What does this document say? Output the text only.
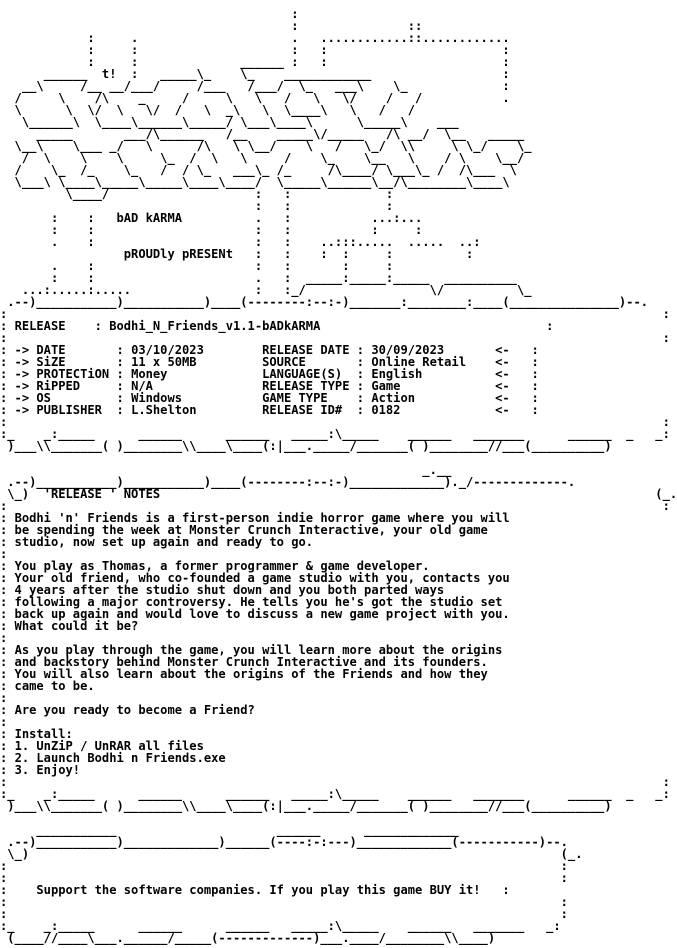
:
:               ::
:     .                     .   ............::............
:     :                     :   :                        :
:     :              ______ :   :                        :
______  t!  :   _____\_    \_    ____________                  :
__\     /__ __/___/     /___   /___/  \_   ___\    \_             :
/     \    /\    _     /     \   \   /   \   \/    /   /           .
\      \  \/  \   \/  /   \  _\   \  \____\   \   /   /
\______\  \____\______\_____/ \___\____\      \_____\    ___
_____       ___/\______   /__    _____\/_____   /\ __/  \__   _____
\__\    \___ _/   \      /\   \ \__/    \   /   \_/  \\     \ \_/    \_
/  \    \    \     \_  /  \   \     /    \_    \__   \    / \    \__/
/    \_  /_    \_   /  / \_   ___\_ /_     /\____/ \___\_ /  /\___  \
\___\ \____\_____\_____\____\____/  \_____\______\__/\________\____\
\____/                    :   :             :
:   :             :
:    :   bAD kARMA          .   :           ...:...
:    :                      :   :           :     :
.    :                      :   :    ..:::.....  .....  ..:
pROUDly pRESENt   :   :    :  :     :          :
.    :                      :   :       :     :
:    :                      .   :  _____:_____:_____  __________
...:.....:.....                 :   :_/                 \/          \_
.--)___________)___________)____(--------:--:-)_______:________:____(_______________)--.
:                                                                                          :
: RELEASE    : Bodhi_N_Friends_v1.1-bADkARMA	:
:                                                                                          :
: -> DATE       : 03/10/2023	RELEASE DATE : 30/09/2023	<-   :
: -> SiZE       : 11 x 50MB	SOURCE       : Online Retail    <-   :
: -> PROTECTiON : Money	LANGUAGE(S)  : English	<-   :
: -> RiPPED     : N/A	RELEASE TYPE : Game	<-   :
: -> OS         : Windows	GAME TYPE    : Action	<-   :
: -> PUBLISHER  : L.Shelton	RELEASE ID#  : 0182	<-   :
:                                                                                          :
:_    _:_____      ______      ______   _____:\_____    ______   _______      ______  _   _:
)___\\_______( )________\\____\____(:|___._____/_______( )________//___(__________)
_.__
.--)___________)___________)____(--------:--:-)_____________)._/-------------.
\_)  'RELEASE ' NOTES	(_.
:                                                                                          :
: Bodhi 'n' Friends is a first-person indie horror game where you will
: be spending the week at Monster Crunch Interactive, your old game
: studio, now set up again and ready to go.
:
: You play as Thomas, a former programmer & game developer.
: Your old friend, who co-founded a game studio with you, contacts you
: 4 years after the studio shut down and you both parted ways
: following a major controversy. He tells you he's got the studio set
: back up again and would love to discuss a new game project with you.
: What could it be?
:
: As you play through the game, you will learn more about the origins
: and backstory behind Monster Crunch Interactive and its founders.
: You will also learn about the origins of the Friends and how they
: came to be.
:
: Are you ready to become a Friend?
:
: Install:
: 1. UnZiP / UnRAR all files
: 2. Launch Bodhi n Friends.exe
: 3. Enjoy!
:                                                                                          :
:_    _:_____      ______      ______   _____:\_____    ______   _______      ______  _   _:
)___\\_______( )________\\____\____(:|___._____/_______( )________//___(__________)
___________                      ______      _____________
.--)___________)_____________)______(----:-:---)_____________(-----------)--.
\_)                                                                         (_.
:                                                                            :
:                                                                            :
:    Support the software companies. If you play this game BUY it!   :
:                                                                            :
:                                                                            :
:_    _:_____      ______      ______   _____:\_____    ______   _______   _:
(____//____\___.______/_____(-------------)___.____/________\\____)
